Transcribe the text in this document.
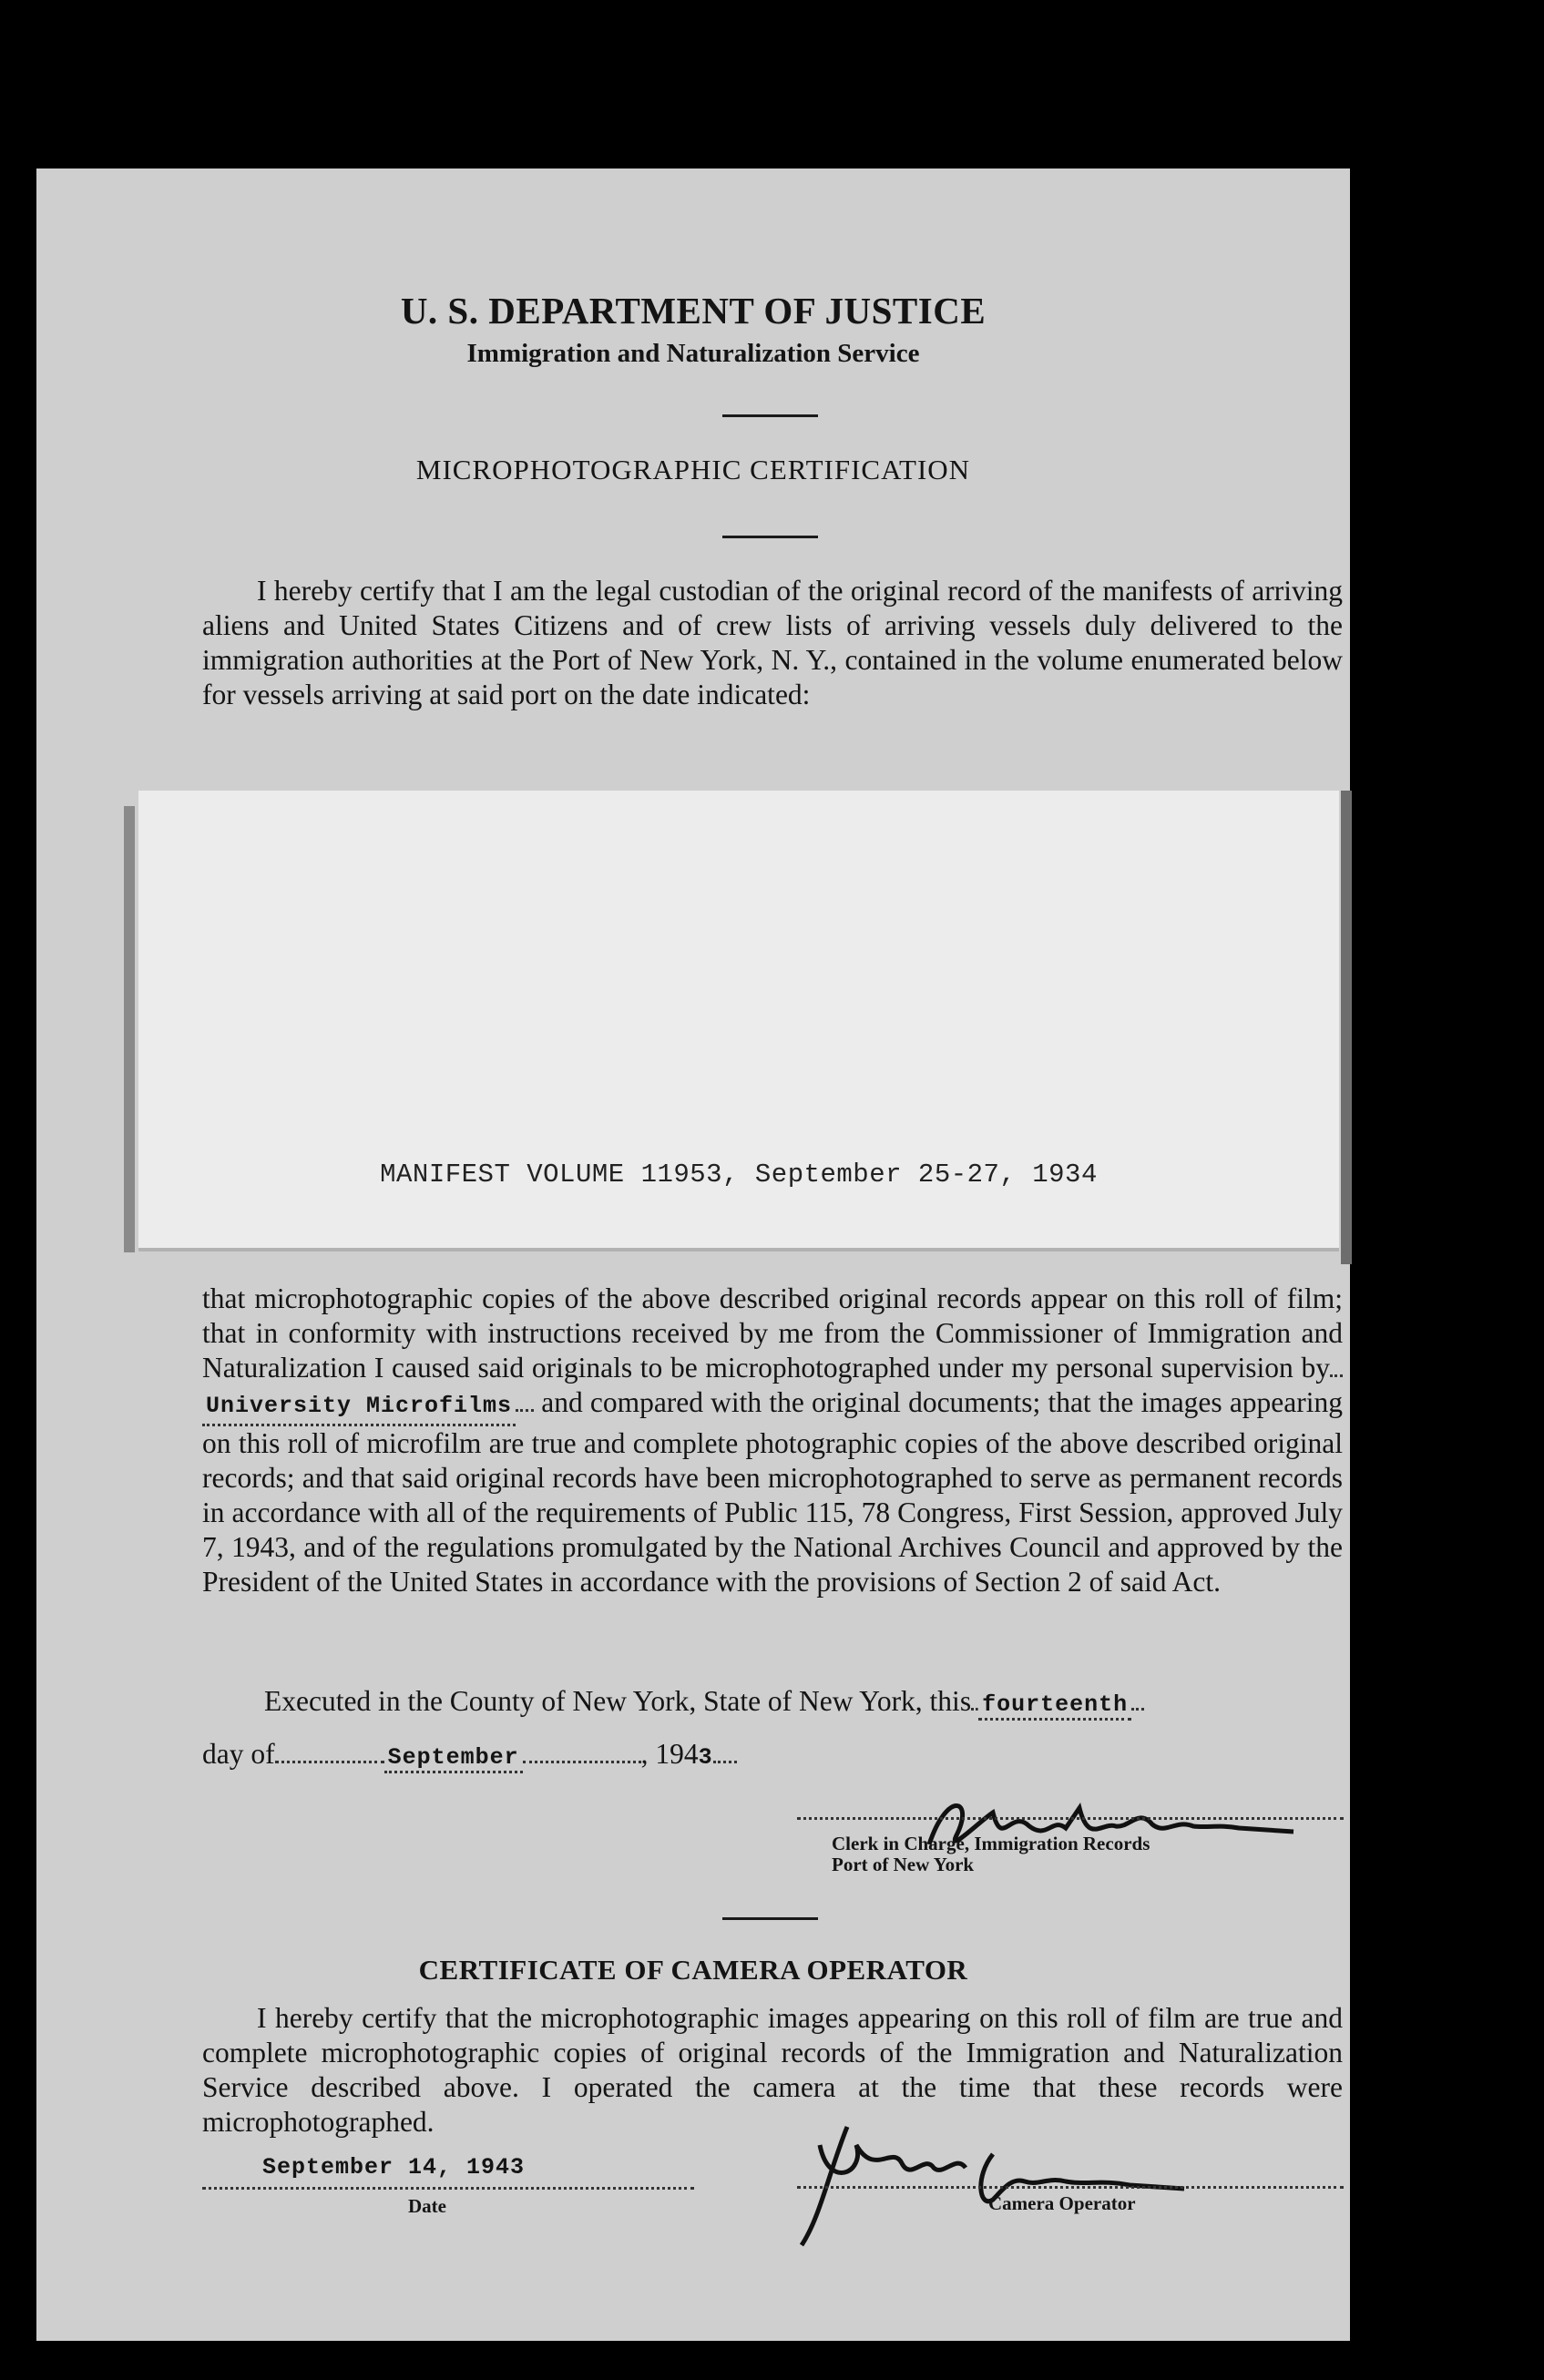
U. S. DEPARTMENT OF JUSTICE
Immigration and Naturalization Service
MICROPHOTOGRAPHIC CERTIFICATION

I hereby certify that I am the legal custodian of the original record of the manifests of arriving aliens and United States Citizens and of crew lists of arriving vessels duly delivered to the immigration authorities at the Port of New York, N. Y., contained in the volume enumerated below for vessels arriving at said port on the date indicated:

MANIFEST VOLUME 11953, September 25-27, 1934

that microphotographic copies of the above described original records appear on this roll of film; that in conformity with instructions received by me from the Commissioner of Immigration and Naturalization I caused said originals to be microphotographed under my personal supervision byUniversity Microfilms and compared with the original documents; that the images appearing on this roll of microfilm are true and complete photographic copies of the above described original records; and that said original records have been microphotographed to serve as permanent records in accordance with all of the requirements of Public 115, 78 Congress, First Session, approved July 7, 1943, and of the regulations promulgated by the National Archives Council and approved by the President of the United States in accordance with the provisions of Section 2 of said Act.

Executed in the County of New York, State of New York, this fourteenth
day of	September	, 1943
Clerk in Charge, Immigration Records
Port of New York
CERTIFICATE OF CAMERA OPERATOR

I hereby certify that the microphotographic images appearing on this roll of film are true and complete microphotographic copies of original records of the Immigration and Naturalization Service described above. I operated the camera at the time that these records were microphotographed.

September 14, 1943
Date	Camera Operator
